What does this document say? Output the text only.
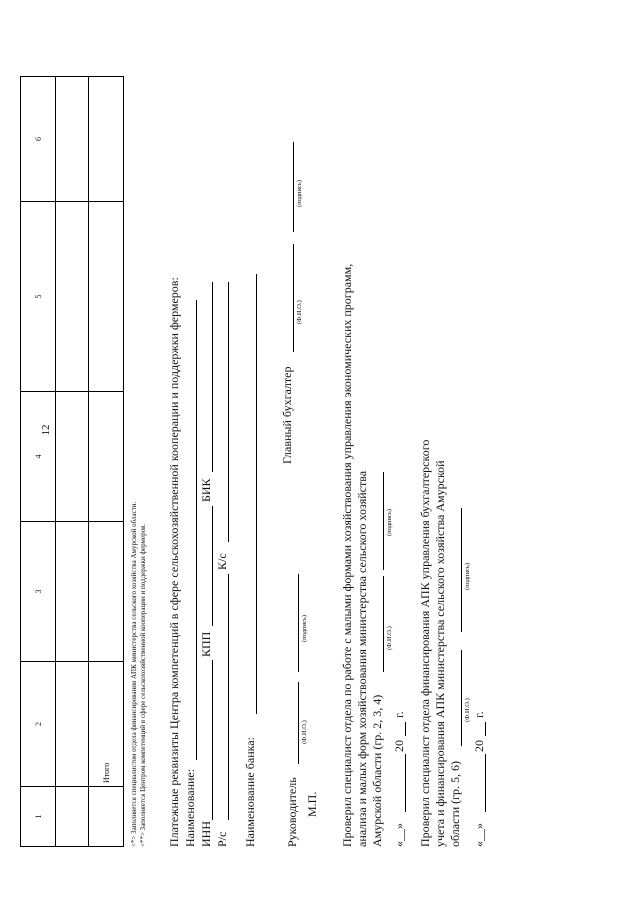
12
1	2	3	4	5	6

	Итого					<*> Заполняется специалистом отдела финансирования АПК министерства сельского хозяйства Амурской области. <**> Заполняется Центром компетенций в сфере сельскохозяйственной кооперации и поддержки фермеров. Платежные реквизиты Центра компетенций в сфере сельскохозяйственной кооперации и поддержки фермеров: Наименование: ИНН
КПП
БИК
Р/с
К/с
Наименование банка: Руководитель
(Ф.И.О.)
(подпись)
Главный бухгалтер
(Ф.И.О.)
(подпись)
М.П. Проверил специалист отдела по работе с малыми формами хозяйствования управления экономических программ, анализа и малых форм хозяйствования министерства сельского хозяйства Амурской области (гр. 2, 3, 4)
(Ф.И.О.)
(подпись)
«__»
20
г. Проверил специалист отдела финансирования АПК управления бухгалтерского учета и финансирования АПК министерства сельского хозяйства Амурской области (гр. 5, 6)
(Ф.И.О.)
(подпись)
«__»
20
г.
